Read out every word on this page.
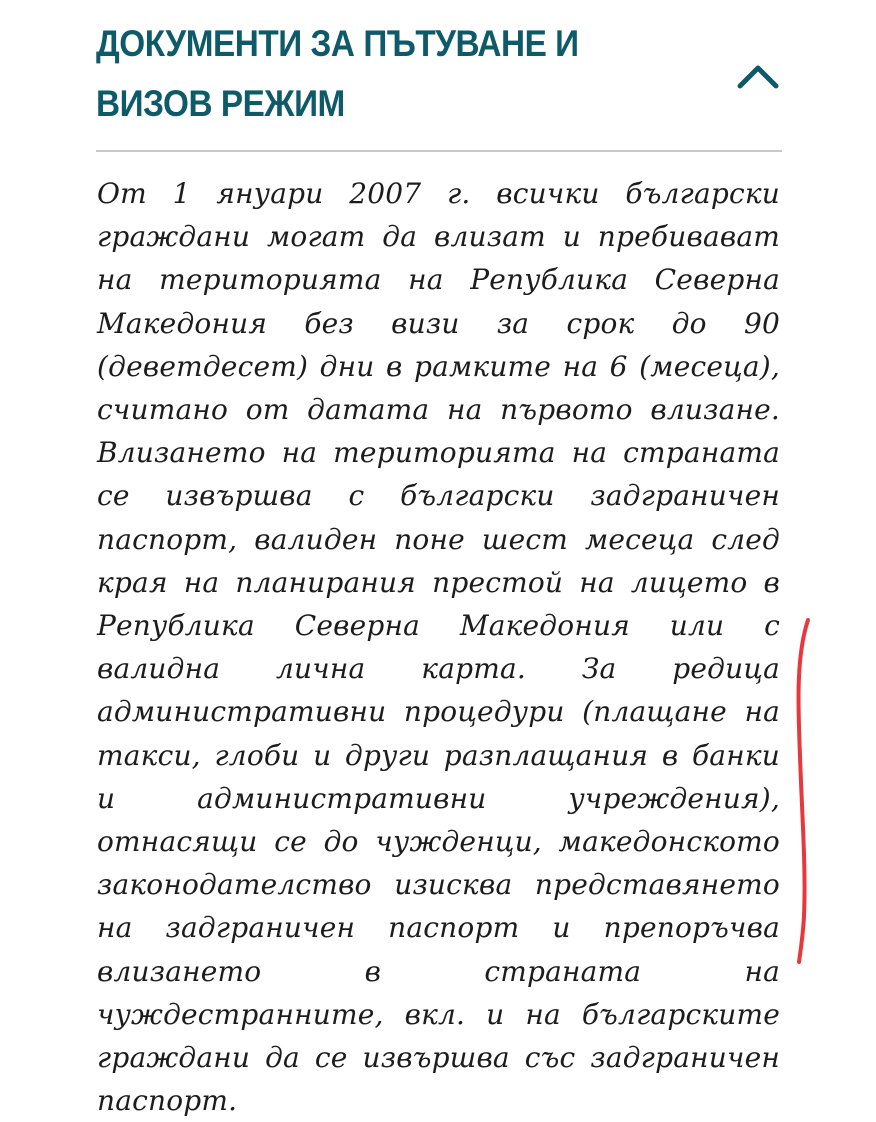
ДОКУМЕНТИ ЗА ПЪТУВАНЕ И ВИЗОВ РЕЖИМ

От 1 януари 2007 г. всички български граждани могат да влизат и пребивават на територията на Република Северна Македония без визи за срок до 90 (деветдесет) дни в рамките на 6 (месеца), считано от датата на първото влизане. Влизането на територията на страната се извършва с български задграничен паспорт, валиден поне шест месеца след края на планирания престой на лицето в Република Северна Македония или с валидна лична карта. За редица административни процедури (плащане на такси, глоби и други разплащания в банки и административни учреждения), отнасящи се до чужденци, македонското законодателство изисква представянето на задграничен паспорт и препоръчва влизането в страната на чуждестранните, вкл. и на българските граждани да се извършва със задграничен паспорт.
